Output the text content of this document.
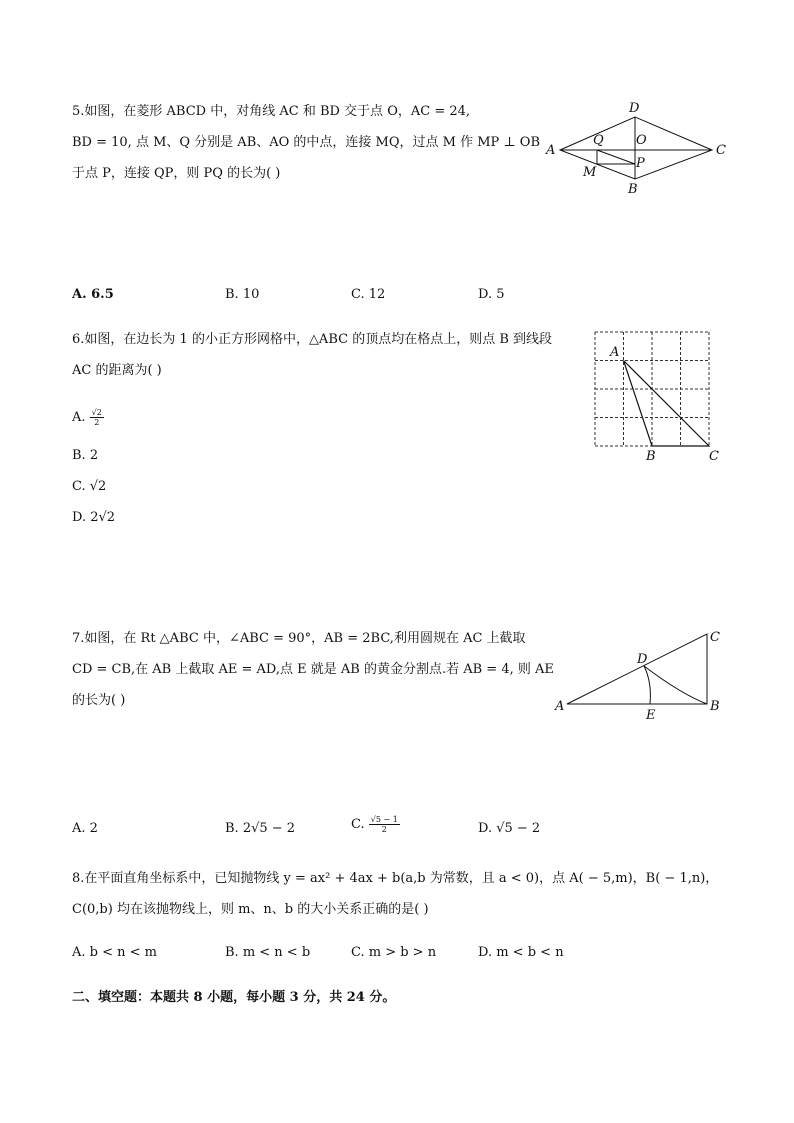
5.如图，在菱形 ABCD 中，对角线 AC 和 BD 交于点 O，AC = 24,
BD = 10, 点 M、Q 分别是 AB、AO 的中点，连接 MQ，过点 M 作 MP ⊥ OB
于点 P，连接 QP，则 PQ 的长为( )
A
D
C
B
O
Q
M
P
A. 6.5	B. 10	C. 12	D. 5
6.如图，在边长为 1 的小正方形网格中，△ABC 的顶点均在格点上，则点 B 到线段
AC 的距离为( )
A
B	C
A. $\frac{√2}{2}$
B. 2
C. √2
D. 2√2
7.如图，在 Rt △ABC 中，∠ABC = 90°，AB = 2BC,利用圆规在 AC 上截取
CD = CB,在 AB 上截取 AE = AD,点 E 就是 AB 的黄金分割点.若 AB = 4, 则 AE
的长为( )	A	B
C
D
E
A. 2	B. 2√5 − 2	C. $\frac{√5 - 1}{2}$	D. √5 − 2
8.在平面直角坐标系中，已知抛物线 y = ax² + 4ax + b(a,b 为常数，且 a < 0)，点 A( − 5,m)，B( − 1,n)，
C(0,b) 均在该抛物线上，则 m、n、b 的大小关系正确的是( )
A. b < n < m	B. m < n < b	C. m > b > n	D. m < b < n
二、填空题：本题共 8 小题，每小题 3 分，共 24 分。
